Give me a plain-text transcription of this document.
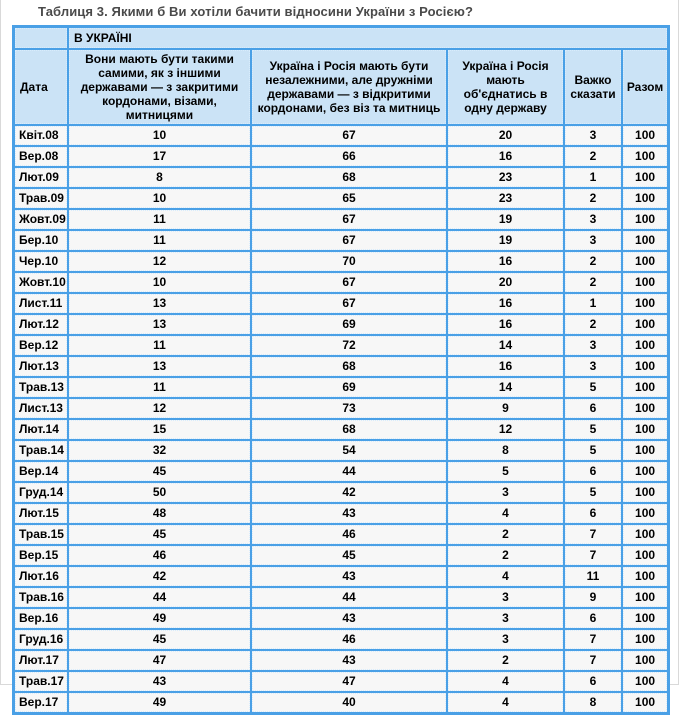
Таблиця 3. Якими б Ви хотіли бачити відносини України з Росією?
	В УКРАЇНІ				
Дата	Вони мають бути такими самими, як з іншими державами — з закритими кордонами, візами, митницями	Україна і Росія мають бути незалежними, але дружніми державами — з відкритими кордонами, без віз та митниць	Україна і Росія мають об'єднатись в одну державу	Важко сказати	Разом
Квіт.08	10	67	20	3	100
Вер.08	17	66	16	2	100
Лют.09	8	68	23	1	100
Трав.09	10	65	23	2	100
Жовт.09	11	67	19	3	100
Бер.10	11	67	19	3	100
Чер.10	12	70	16	2	100
Жовт.10	10	67	20	2	100
Лист.11	13	67	16	1	100
Лют.12	13	69	16	2	100
Вер.12	11	72	14	3	100
Лют.13	13	68	16	3	100
Трав.13	11	69	14	5	100
Лист.13	12	73	9	6	100
Лют.14	15	68	12	5	100
Трав.14	32	54	8	5	100
Вер.14	45	44	5	6	100
Груд.14	50	42	3	5	100
Лют.15	48	43	4	6	100
Трав.15	45	46	2	7	100
Вер.15	46	45	2	7	100
Лют.16	42	43	4	11	100
Трав.16	44	44	3	9	100
Вер.16	49	43	3	6	100
Груд.16	45	46	3	7	100
Лют.17	47	43	2	7	100
Трав.17	43	47	4	6	100
Вер.17	49	40	4	8	100
